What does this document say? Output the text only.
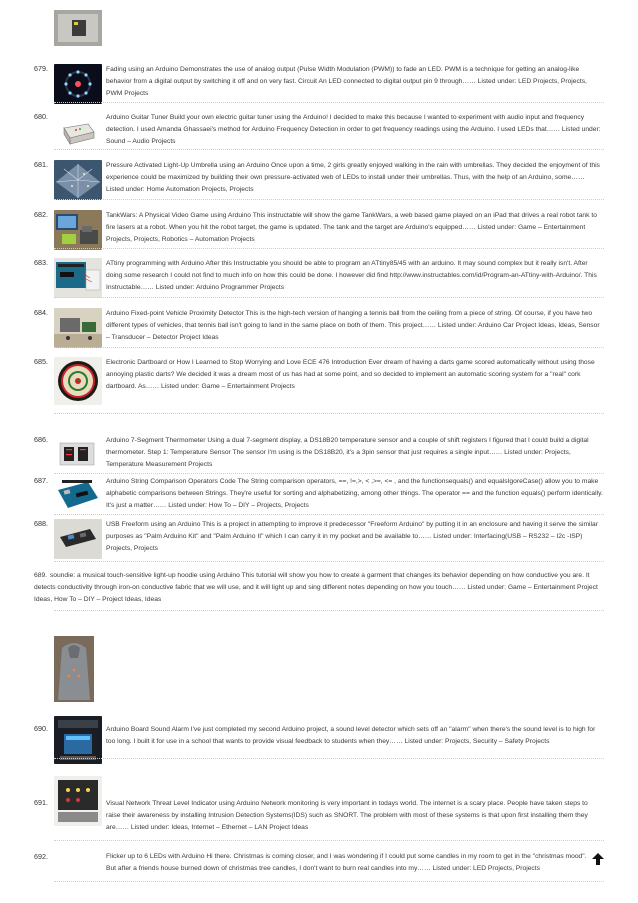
679.	Fading using an Arduino Demonstrates the use of analog output (Pulse Width Modulation (PWM)) to fade an LED. PWM is a technique for getting an analog-like behavior from a digital output by switching it off and on very fast. Circuit An LED connected to digital output pin 9 through…… Listed under: LED Projects, Projects, PWM Projects
680.	Arduino Guitar Tuner Build your own electric guitar tuner using the Arduino! I decided to make this because I wanted to experiment with audio input and frequency detection. I used Amanda Ghassaei's method for Arduino Frequency Detection in order to get frequency readings using the Arduino. I used LEDs that…… Listed under: Sound – Audio Projects
681.	Pressure Activated Light-Up Umbrella using an Arduino Once upon a time, 2 girls greatly enjoyed walking in the rain with umbrellas. They decided the enjoyment of this experience could be maximized by building their own pressure-activated web of LEDs to install under their umbrellas. Thus, with the help of an Arduino, some…… Listed under: Home Automation Projects, Projects
682.	TankWars: A Physical Video Game using Arduino This instructable will show the game TankWars, a web based game played on an iPad that drives a real robot tank to fire lasers at a robot. When you hit the robot target, the game is updated. The tank and the target are Arduino's equipped…… Listed under: Game – Entertainment Projects, Projects, Robotics – Automation Projects
683.	ATtiny programming with Arduino After this Instructable you should be able to program an ATtiny85/45 with an arduino. It may sound complex but it really isn't. After doing some research I could not find to much info on how this could be done. I however did find http://www.instructables.com/id/Program-an-ATtiny-with-Arduino/. This Instructable…… Listed under: Arduino Programmer Projects
684.	Arduino Fixed-point Vehicle Proximity Detector This is the high-tech version of hanging a tennis ball from the ceiling from a piece of string. Of course, if you have two different types of vehicles, that tennis ball isn't going to land in the same place on both of them. This project…… Listed under: Arduino Car Project Ideas, Ideas, Sensor – Transducer – Detector Project Ideas
685.	Electronic Dartboard or How I Learned to Stop Worrying and Love ECE 476 Introduction Ever dream of having a darts game scored automatically without using those annoying plastic darts? We decided it was a dream most of us has had at some point, and so decided to implement an automatic scoring system for a "real" cork dartboard. As…… Listed under: Game – Entertainment Projects
686.	Arduino 7-Segment Thermometer Using a dual 7-segment display, a DS18B20 temperature sensor and a couple of shift registers I figured that I could build a digital thermometer. Step 1: Temperature Sensor The sensor I'm using is the DS18B20, it's a 3pin sensor that just requires a single input…… Listed under: Projects, Temperature Measurement Projects
687.	Arduino String Comparison Operators Code The String comparison operators, ==, !=,>, < ,>=, <= , and the functionsequals() and equalsIgoreCase() allow you to make alphabetic comparisons between Strings. They're useful for sorting and alphabetizing, among other things. The operator == and the function equals() perform identically. It's just a matter…… Listed under: How To – DIY – Projects, Projects
688.	USB Freeform using an Arduino This is a project in attempting to improve it predecessor "Freeform Arduino" by putting it in an enclosure and having it serve the similar purposes as "Palm Arduino Kit" and "Palm Arduino II" which I can carry it in my pocket and be available to…… Listed under: Interfacing(USB – RS232 – I2c -ISP) Projects, Projects
689. soundie: a musical touch-sensitive light-up hoodie using Arduino This tutorial will show you how to create a garment that changes its behavior depending on how conductive you are. It detects conductivity through iron-on conductive fabric that we will use, and it will light up and sing different notes depending on how you touch…… Listed under: Game – Entertainment Project Ideas, How To – DIY – Project Ideas, Ideas
690.	Arduino Board Sound Alarm I've just completed my second Arduino project, a sound level detector which sets off an "alarm" when there's the sound level is to high for too long. I built it for use in a school that wants to provide visual feedback to students when they…… Listed under: Projects, Security – Safety Projects
691.	Visual Network Threat Level Indicator using Arduino Network monitoring is very important in todays world. The internet is a scary place. People have taken steps to raise their awareness by installing Intrusion Detection Systems(IDS) such as SNORT. The problem with most of these systems is that upon first installing them they are…… Listed under: Ideas, Internet – Ethernet – LAN Project Ideas
692.	Flicker up to 6 LEDs with Arduino Hi there. Christmas is coming closer, and I was wondering if I could put some candles in my room to get in the "christmas mood". But after a friends house burned down of christmas tree candles, I don't want to burn real candles into my…… Listed under: LED Projects, Projects
